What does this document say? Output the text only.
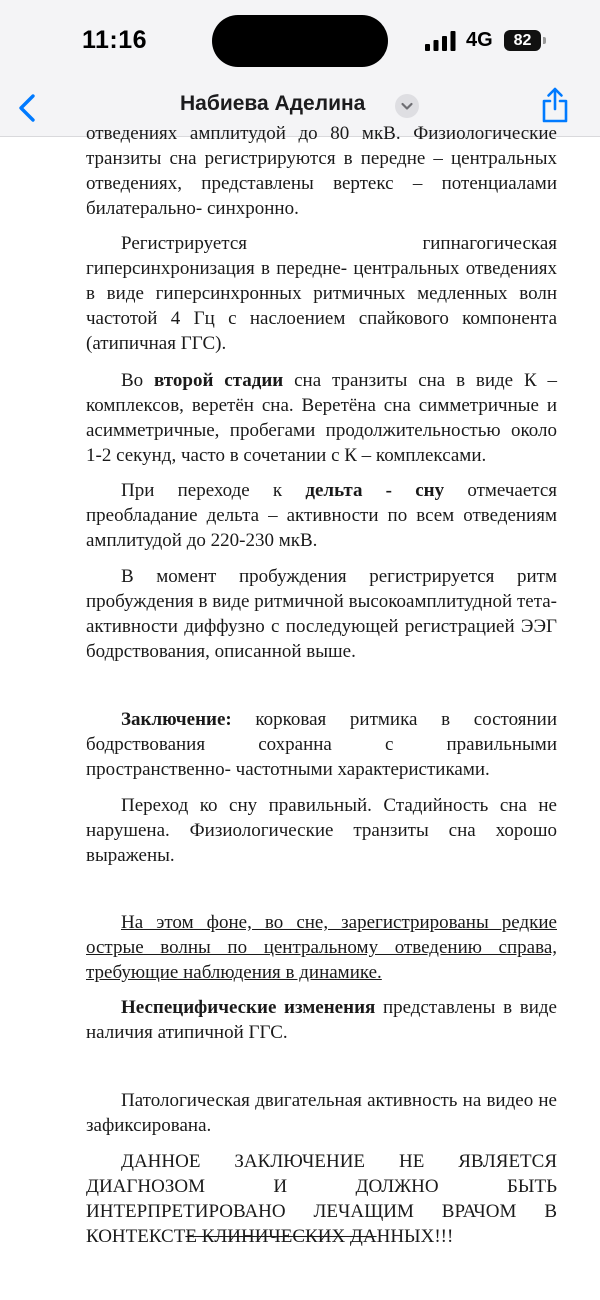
11:16	4G	82
Набиева Аделина

отведениях амплитудой до 80 мкВ. Физиологические транзиты сна регистрируются в передне – центральных отведениях, представлены вертекс – потенциалами билатерально- синхронно.

Регистрируется гипнагогическая гиперсинхронизация в передне- центральных отведениях в виде гиперсинхронных ритмичных медленных волн частотой 4 Гц с наслоением спайкового компонента (атипичная ГГС).

Во второй стадии сна транзиты сна в виде К – комплексов, веретён сна. Веретёна сна симметричные и асимметричные, пробегами продолжительностью около 1-2 секунд, часто в сочетании с К – комплексами.

При переходе к дельта - сну отмечается преобладание дельта – активности по всем отведениям амплитудой до 220-230 мкВ.

В момент пробуждения регистрируется ритм пробуждения в виде ритмичной высокоамплитудной тета- активности диффузно с последующей регистрацией ЭЭГ бодрствования, описанной выше.

Заключение: корковая ритмика в состоянии бодрствования сохранна с правильными пространственно- частотными характеристиками.

Переход ко сну правильный. Стадийность сна не нарушена. Физиологические транзиты сна хорошо выражены.

На этом фоне, во сне, зарегистрированы редкие острые волны по центральному отведению справа, требующие наблюдения в динамике.

Неспецифические изменения представлены в виде наличия атипичной ГГС.

Патологическая двигательная активность на видео не зафиксирована.

ДАННОЕ ЗАКЛЮЧЕНИЕ НЕ ЯВЛЯЕТСЯ ДИАГНОЗОМ И ДОЛЖНО БЫТЬ ИНТЕРПРЕТИРОВАНО ЛЕЧАЩИМ ВРАЧОМ В КОНТЕКСТЕ КЛИНИЧЕСКИХ ДАННЫХ!!!
